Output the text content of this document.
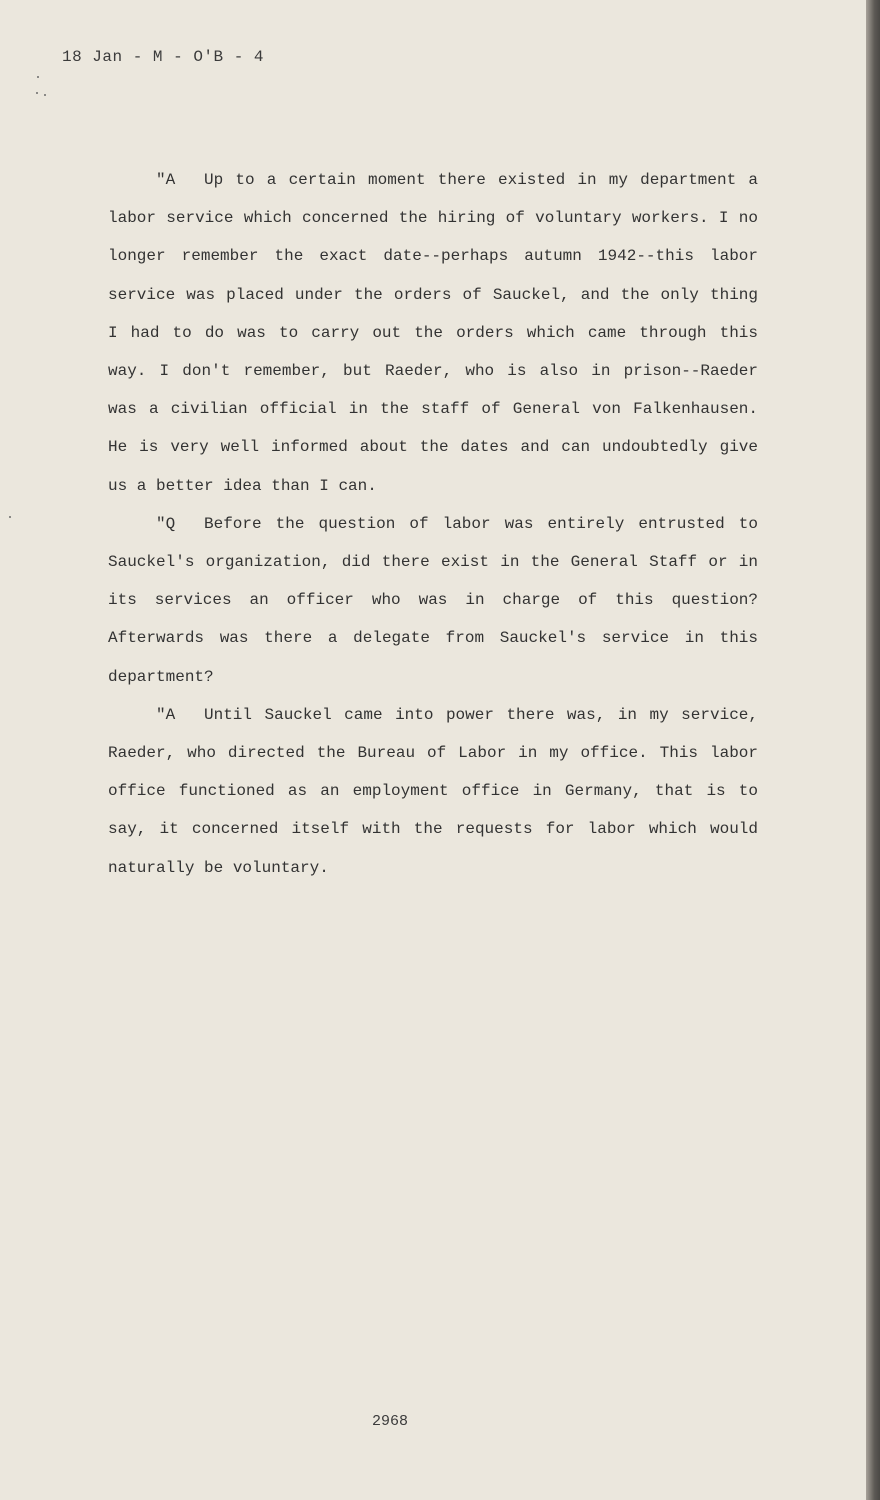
18 Jan - M - O'B - 4

"A Up to a certain moment there existed in my department a labor service which concerned the hiring of voluntary workers. I no longer remember the exact date--perhaps autumn 1942--this labor service was placed under the orders of Sauckel, and the only thing I had to do was to carry out the orders which came through this way. I don't remember, but Raeder, who is also in prison--Raeder was a civilian official in the staff of General von Falkenhausen. He is very well informed about the dates and can undoubtedly give us a better idea than I can.

"Q Before the question of labor was entirely entrusted to Sauckel's organization, did there exist in the General Staff or in its services an officer who was in charge of this question? Afterwards was there a delegate from Sauckel's service in this department?

"A Until Sauckel came into power there was, in my service, Raeder, who directed the Bureau of Labor in my office. This labor office functioned as an employment office in Germany, that is to say, it concerned itself with the requests for labor which would naturally be voluntary.

2968
